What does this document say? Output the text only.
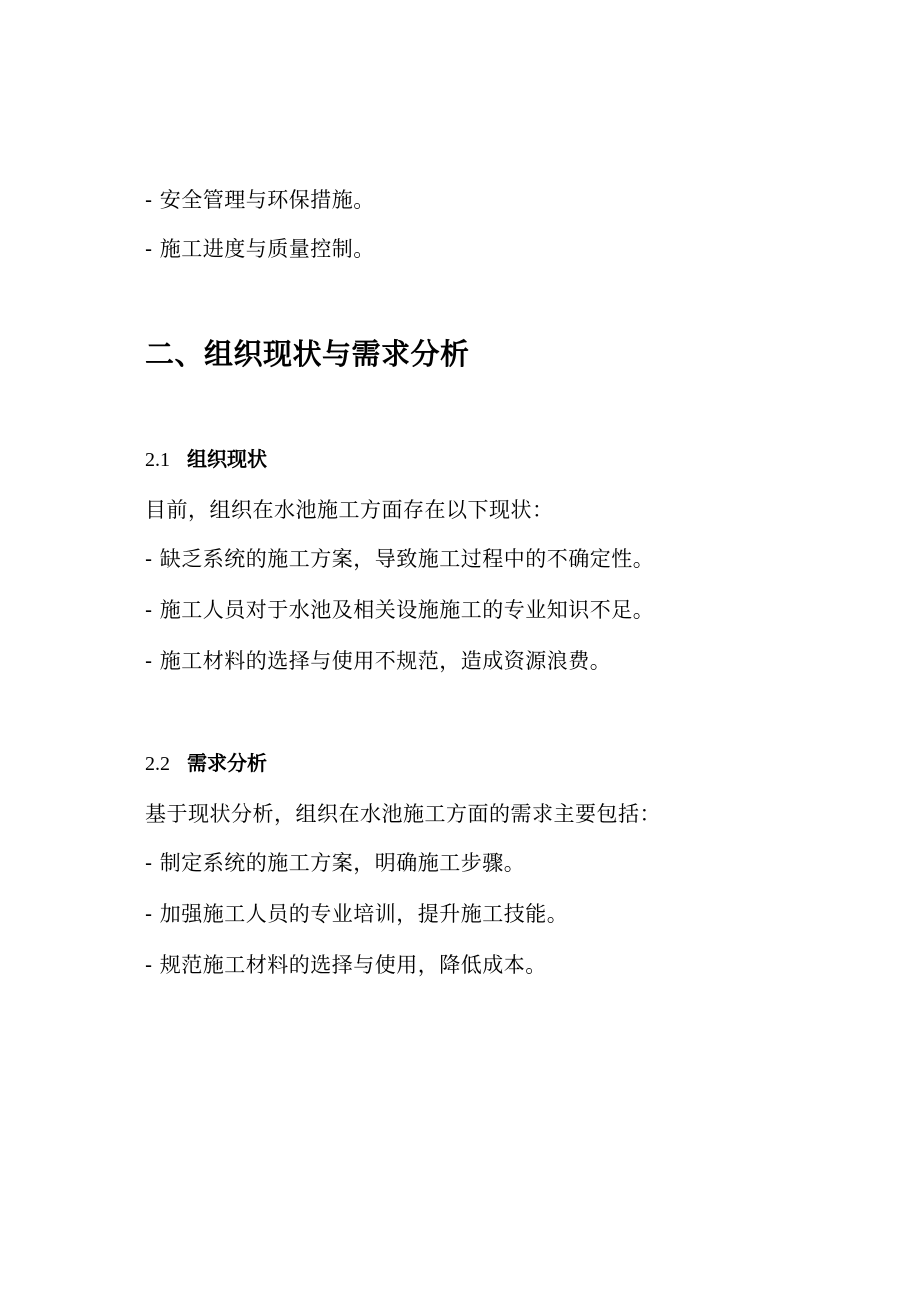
- 安全管理与环保措施。
- 施工进度与质量控制。
二、组织现状与需求分析
2.1 组织现状
目前，组织在水池施工方面存在以下现状：
- 缺乏系统的施工方案，导致施工过程中的不确定性。
- 施工人员对于水池及相关设施施工的专业知识不足。
- 施工材料的选择与使用不规范，造成资源浪费。
2.2 需求分析
基于现状分析，组织在水池施工方面的需求主要包括：
- 制定系统的施工方案，明确施工步骤。
- 加强施工人员的专业培训，提升施工技能。
- 规范施工材料的选择与使用，降低成本。
